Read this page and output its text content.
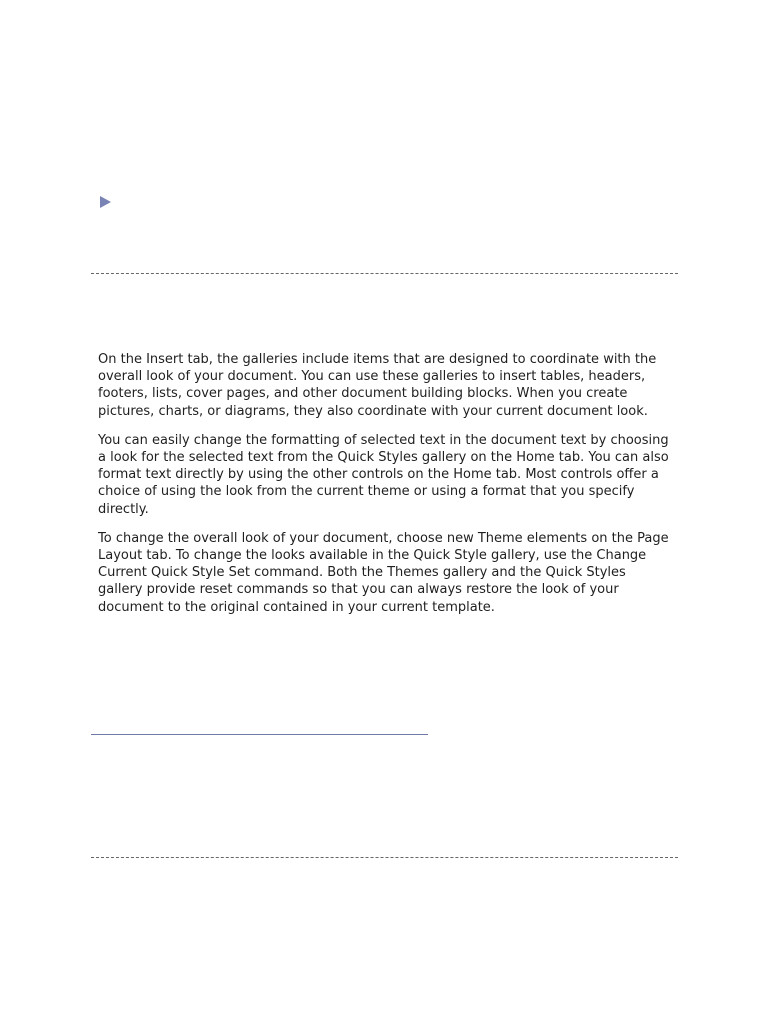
On the Insert tab, the galleries include items that are designed to coordinate with the overall look of your document. You can use these galleries to insert tables, headers, footers, lists, cover pages, and other document building blocks. When you create pictures, charts, or diagrams, they also coordinate with your current document look.

You can easily change the formatting of selected text in the document text by choosing a look for the selected text from the Quick Styles gallery on the Home tab. You can also format text directly by using the other controls on the Home tab. Most controls offer a choice of using the look from the current theme or using a format that you specify directly.

To change the overall look of your document, choose new Theme elements on the Page Layout tab. To change the looks available in the Quick Style gallery, use the Change Current Quick Style Set command. Both the Themes gallery and the Quick Styles gallery provide reset commands so that you can always restore the look of your document to the original contained in your current template.
